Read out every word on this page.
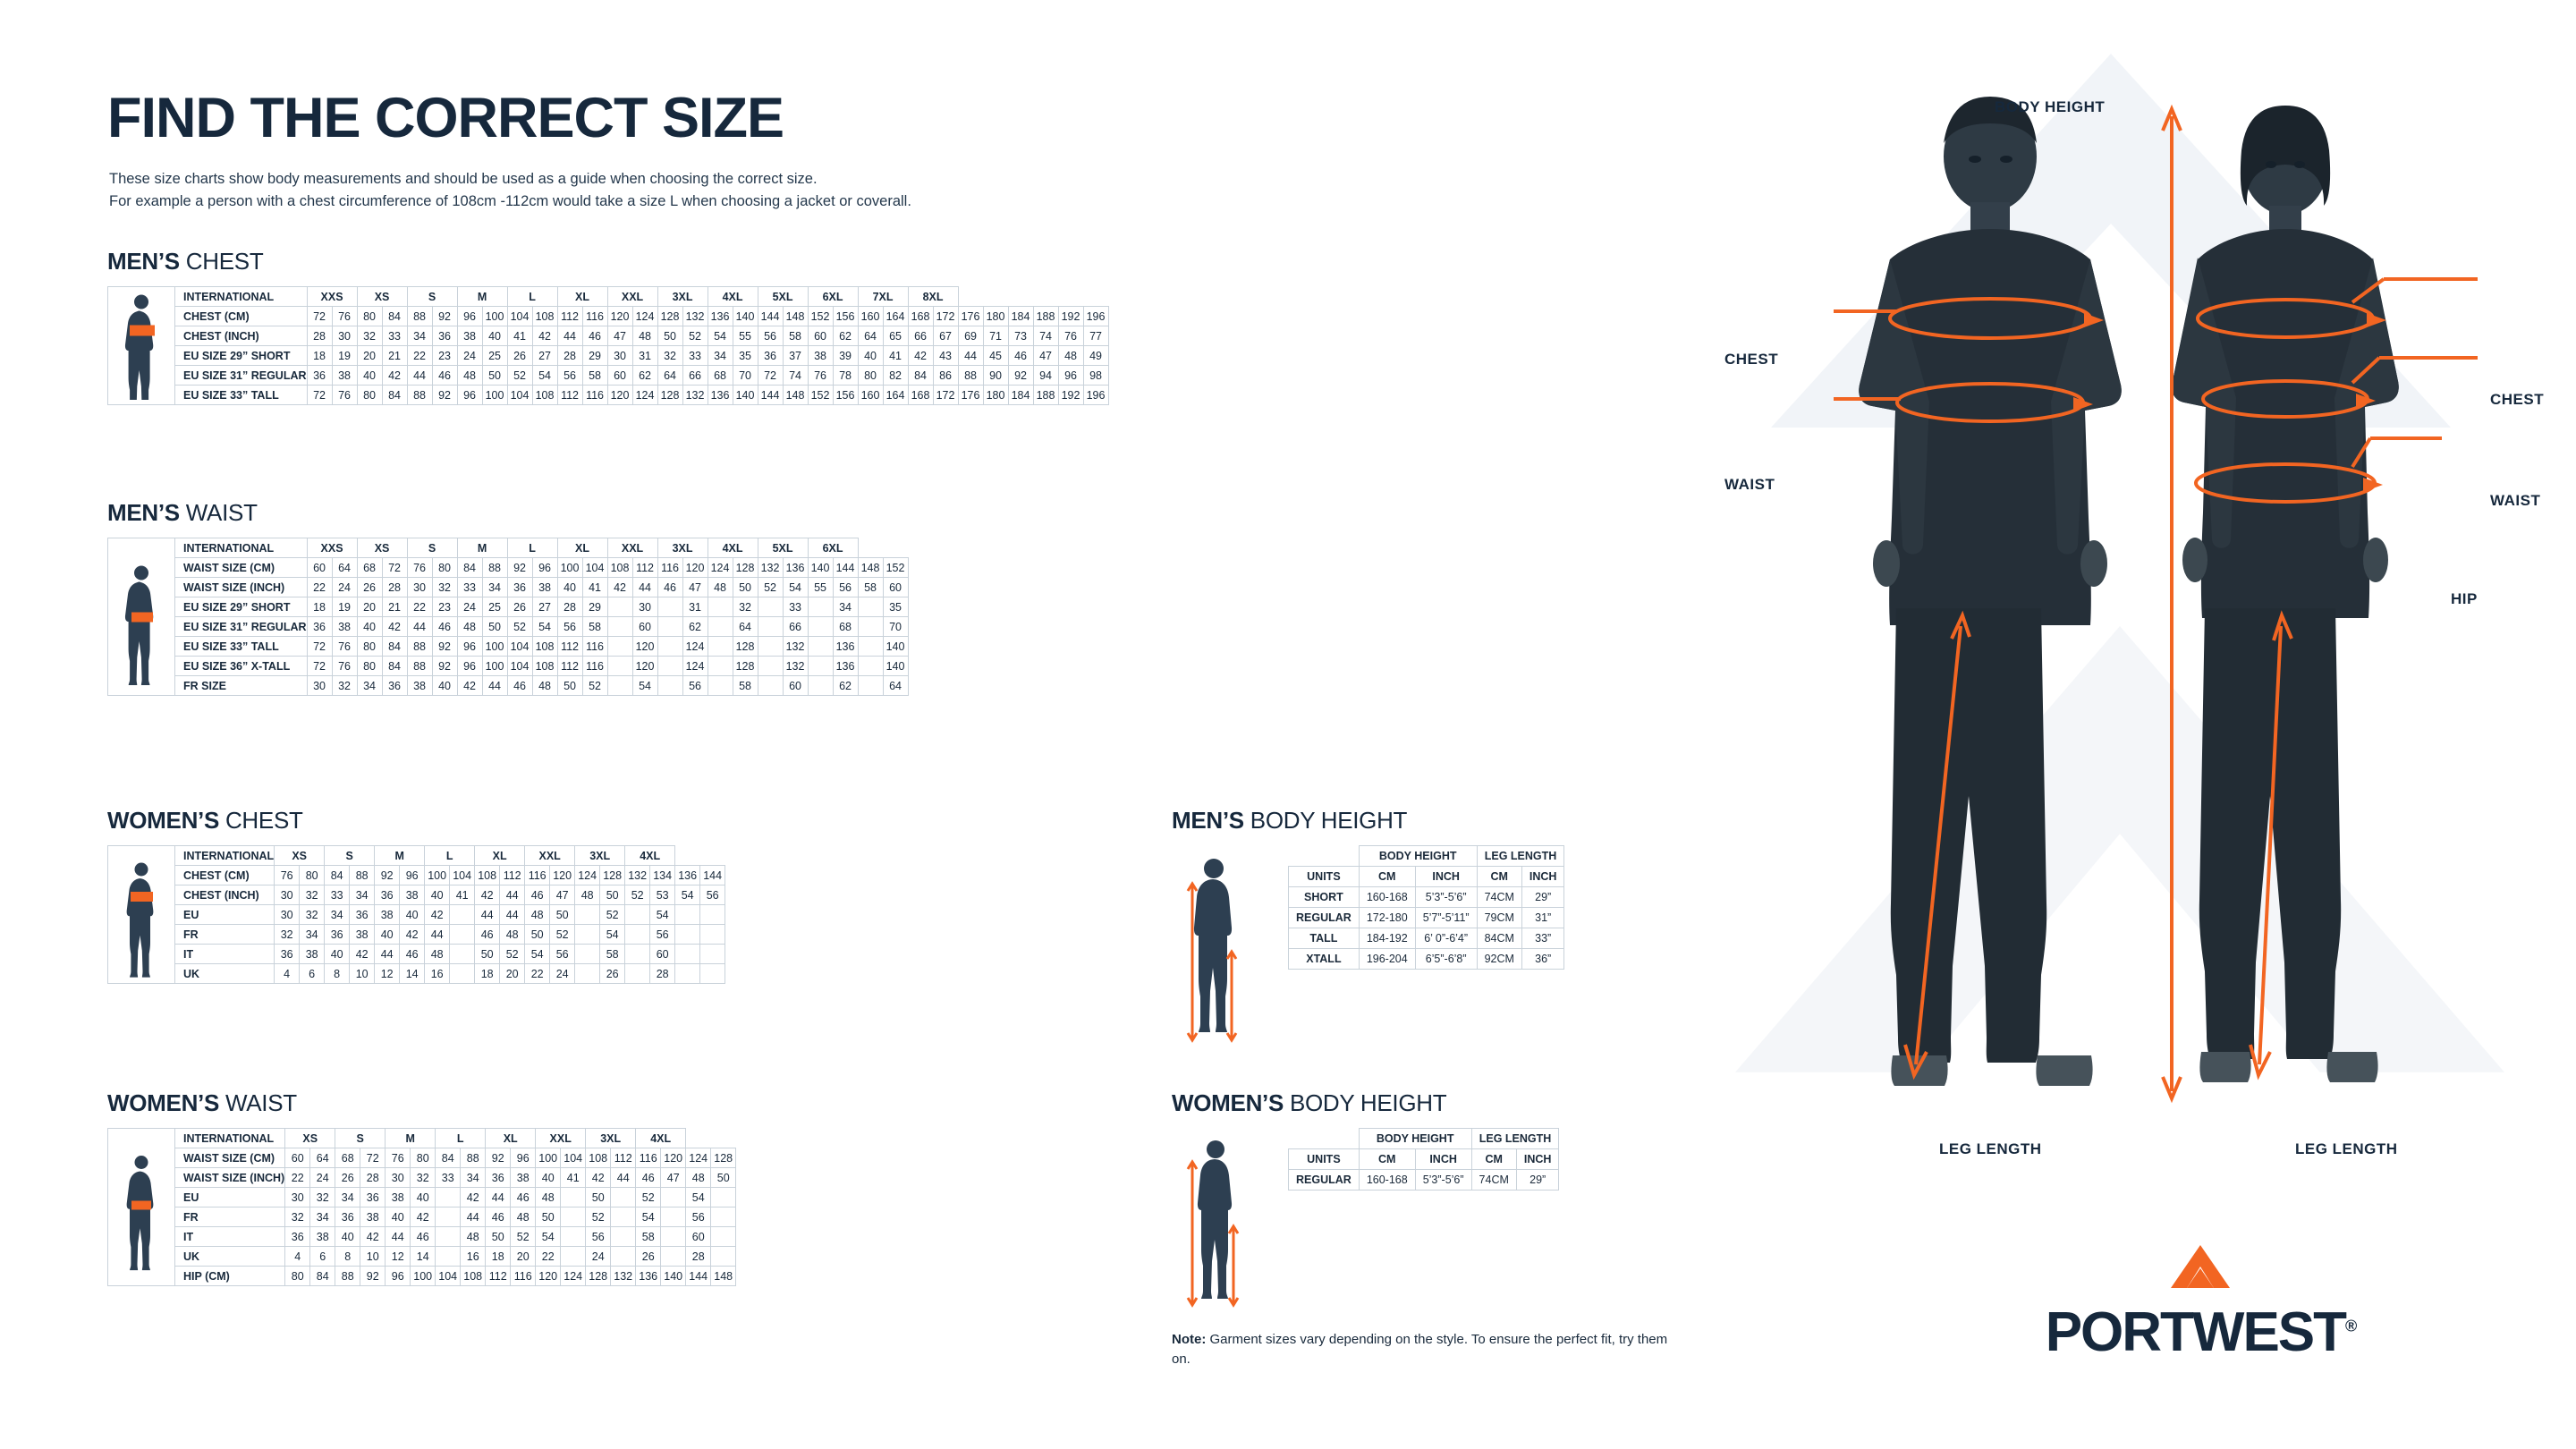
FIND THE CORRECT SIZE
These size charts show body measurements and should be used as a guide when choosing the correct size.
For example a person with a chest circumference of 108cm -112cm would take a size L when choosing a jacket or coverall.
MEN’S CHEST
	INTERNATIONAL	XXS		XS		S		M		L		XL		XXL		3XL		4XL		5XL		6XL		7XL		8XL							
	CHEST (CM)	72	76	80	84	88	92	96	100	104	108	112	116	120	124	128	132	136	140	144	148	152	156	160	164	168	172	176	180	184	188	192	196
	CHEST (INCH)	28	30	32	33	34	36	38	40	41	42	44	46	47	48	50	52	54	55	56	58	60	62	64	65	66	67	69	71	73	74	76	77
	EU SIZE 29” SHORT	18	19	20	21	22	23	24	25	26	27	28	29	30	31	32	33	34	35	36	37	38	39	40	41	42	43	44	45	46	47	48	49
	EU SIZE 31” REGULAR	36	38	40	42	44	46	48	50	52	54	56	58	60	62	64	66	68	70	72	74	76	78	80	82	84	86	88	90	92	94	96	98
	EU SIZE 33” TALL	72	76	80	84	88	92	96	100	104	108	112	116	120	124	128	132	136	140	144	148	152	156	160	164	168	172	176	180	184	188	192	196
MEN’S WAIST
	INTERNATIONAL	XXS		XS		S		M		L		XL		XXL		3XL		4XL		5XL		6XL			
	WAIST SIZE (CM)	60	64	68	72	76	80	84	88	92	96	100	104	108	112	116	120	124	128	132	136	140	144	148	152
	WAIST SIZE (INCH)	22	24	26	28	30	32	33	34	36	38	40	41	42	44	46	47	48	50	52	54	55	56	58	60
	EU SIZE 29” SHORT	18	19	20	21	22	23	24	25	26	27	28	29		30		31		32		33		34		35
	EU SIZE 31” REGULAR	36	38	40	42	44	46	48	50	52	54	56	58		60		62		64		66		68		70
	EU SIZE 33” TALL	72	76	80	84	88	92	96	100	104	108	112	116		120		124		128		132		136		140
	EU SIZE 36” X-TALL	72	76	80	84	88	92	96	100	104	108	112	116		120		124		128		132		136		140
	FR SIZE	30	32	34	36	38	40	42	44	46	48	50	52		54		56		58		60		62		64
WOMEN’S CHEST
	INTERNATIONAL	XS		S		M		L		XL		XXL		3XL		4XL			
	CHEST (CM)	76	80	84	88	92	96	100	104	108	112	116	120	124	128	132	134	136	144
	CHEST (INCH)	30	32	33	34	36	38	40	41	42	44	46	47	48	50	52	53	54	56
	EU	30	32	34	36	38	40	42		44	44	48	50		52		54		
	FR	32	34	36	38	40	42	44		46	48	50	52		54		56		
	IT	36	38	40	42	44	46	48		50	52	54	56		58		60		
	UK	4	6	8	10	12	14	16		18	20	22	24		26		28		
WOMEN’S WAIST
	INTERNATIONAL	XS		S		M		L		XL		XXL		3XL		4XL			
	WAIST SIZE (CM)	60	64	68	72	76	80	84	88	92	96	100	104	108	112	116	120	124	128
	WAIST SIZE (INCH)	22	24	26	28	30	32	33	34	36	38	40	41	42	44	46	47	48	50
	EU	30	32	34	36	38	40		42	44	46	48		50		52		54	
	FR	32	34	36	38	40	42		44	46	48	50		52		54		56	
	IT	36	38	40	42	44	46		48	50	52	54		56		58		60	
	UK	4	6	8	10	12	14		16	18	20	22		24		26		28	
	HIP (CM)	80	84	88	92	96	100	104	108	112	116	120	124	128	132	136	140	144	148
MEN’S BODY HEIGHT
	BODY HEIGHT		LEG LENGTH	
UNITS	CM	INCH	CM	INCH
SHORT	160-168	5’3”-5’6”	74CM	29”
REGULAR	172-180	5’7”-5’11”	79CM	31”
TALL	184-192	6’ 0”-6’4”	84CM	33”
XTALL	196-204	6’5”-6’8”	92CM	36”
WOMEN’S BODY HEIGHT
	BODY HEIGHT		LEG LENGTH	
UNITS	CM	INCH	CM	INCH
REGULAR	160-168	5’3”-5’6”	74CM	29”
Note: Garment sizes vary depending on the style. To ensure the perfect fit, try them on.
BODY HEIGHT
CHEST
WAIST
CHEST
WAIST
HIP
LEG LENGTH	LEG LENGTH
PORTWEST®
